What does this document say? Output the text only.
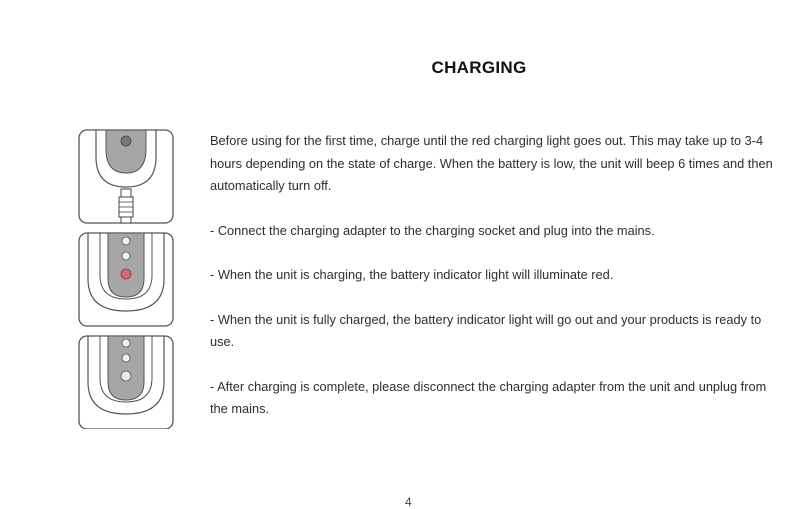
CHARGING

Before using for the first time, charge until the red charging light goes out. This may take up to 3-4 hours depending on the state of charge. When the battery is low, the unit will beep 6 times and then automatically turn off.

- Connect the charging adapter to the charging socket and plug into the mains.

- When the unit is charging, the battery indicator light will illuminate red.

- When the unit is fully charged, the battery indicator light will go out and your products is ready to use.

- After charging is complete, please disconnect the charging adapter from the unit and unplug from the mains.

4
